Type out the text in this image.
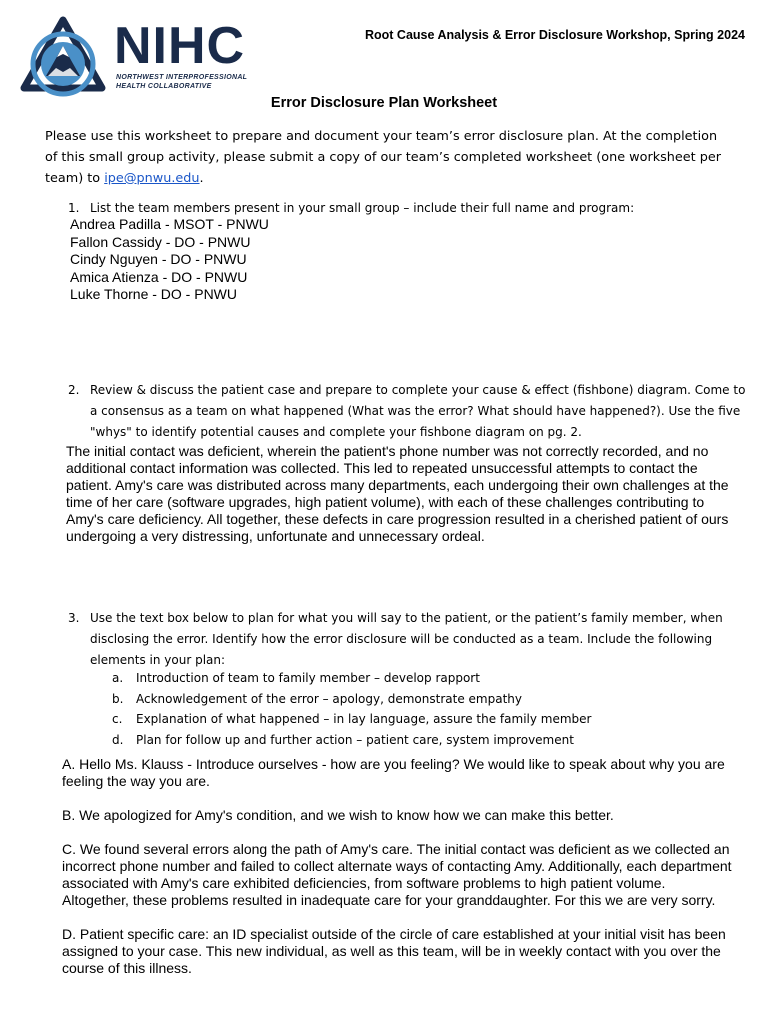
NIHC
NORTHWEST INTERPROFESSIONAL HEALTH COLLABORATIVE
Root Cause Analysis & Error Disclosure Workshop, Spring 2024
Error Disclosure Plan Worksheet
Please use this worksheet to prepare and document your team’s error disclosure plan. At the completion of this small group activity, please submit a copy of our team’s completed worksheet (one worksheet per team) to ipe@pnwu.edu.
1. List the team members present in your small group – include their full name and program:
Andrea Padilla - MSOT - PNWU
Fallon Cassidy - DO - PNWU
Cindy Nguyen - DO - PNWU
Amica Atienza - DO - PNWU
Luke Thorne - DO - PNWU
2. Review & discuss the patient case and prepare to complete your cause & effect (fishbone) diagram. Come to a consensus as a team on what happened (What was the error? What should have happened?). Use the five "whys" to identify potential causes and complete your fishbone diagram on pg. 2.
The initial contact was deficient, wherein the patient's phone number was not correctly recorded, and no additional contact information was collected. This led to repeated unsuccessful attempts to contact the patient. Amy's care was distributed across many departments, each undergoing their own challenges at the time of her care (software upgrades, high patient volume), with each of these challenges contributing to Amy's care deficiency. All together, these defects in care progression resulted in a cherished patient of ours undergoing a very distressing, unfortunate and unnecessary ordeal.
3. Use the text box below to plan for what you will say to the patient, or the patient’s family member, when disclosing the error. Identify how the error disclosure will be conducted as a team. Include the following elements in your plan:
a. Introduction of team to family member – develop rapport
b. Acknowledgement of the error – apology, demonstrate empathy
c. Explanation of what happened – in lay language, assure the family member
d. Plan for follow up and further action – patient care, system improvement

A. Hello Ms. Klauss - Introduce ourselves - how are you feeling? We would like to speak about why you are feeling the way you are.

B. We apologized for Amy's condition, and we wish to know how we can make this better.

C. We found several errors along the path of Amy's care. The initial contact was deficient as we collected an incorrect phone number and failed to collect alternate ways of contacting Amy. Additionally, each department associated with Amy's care exhibited deficiencies, from software problems to high patient volume. Altogether, these problems resulted in inadequate care for your granddaughter. For this we are very sorry.

D. Patient specific care: an ID specialist outside of the circle of care established at your initial visit has been assigned to your case. This new individual, as well as this team, will be in weekly contact with you over the course of this illness.
